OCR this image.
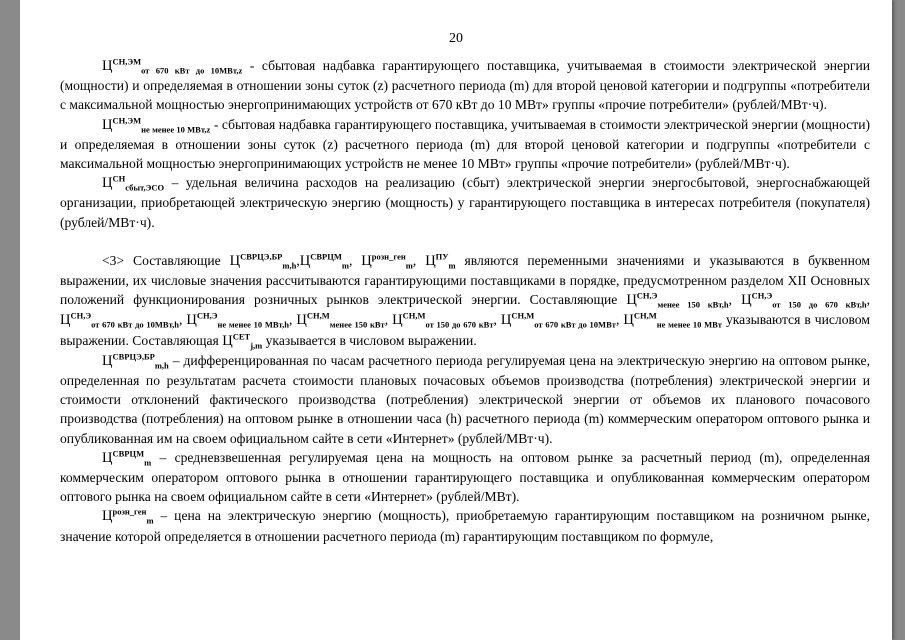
20

$Ц^{СН,ЭМ}_{от 670 кВт до 10МВт,z}$ - сбытовая надбавка гарантирующего поставщика, учитываемая в стоимости электрической энергии (мощности) и определяемая в отношении зоны суток (z) расчетного периода (m) для второй ценовой категории и подгруппы «потребители с максимальной мощностью энергопринимающих устройств от 670 кВт до 10 МВт» группы «прочие потребители» (рублей/МВт·ч).

$Ц^{СН,ЭМ}_{не менее 10 МВт,z}$ - сбытовая надбавка гарантирующего поставщика, учитываемая в стоимости электрической энергии (мощности) и определяемая в отношении зоны суток (z) расчетного периода (m) для второй ценовой категории и подгруппы «потребители с максимальной мощностью энергопринимающих устройств не менее 10 МВт» группы «прочие потребители» (рублей/МВт·ч).

$Ц^{СН}_{сбыт,ЭСО}$ – удельная величина расходов на реализацию (сбыт) электрической энергии энергосбытовой, энергоснабжающей организации, приобретающей электрическую энергию (мощность) у гарантирующего поставщика в интересах потребителя (покупателя) (рублей/МВт·ч).

<3> Составляющие $Ц^{СВРЦЭ,БР}_{m,h},Ц^{СВРЦМ}_m$, $Ц^{розн\_ген}_m$, $Ц^{ПУ}_m$ являются переменными значениями и указываются в буквенном выражении, их числовые значения рассчитываются гарантирующими поставщиками в порядке, предусмотренном разделом XII Основных положений функционирования розничных рынков электрической энергии. Составляющие $Ц^{СН,Э}_{менее 150 кВт,h}$, $Ц^{СН,Э}_{от 150 до 670 кВт,h}$, $Ц^{СН,Э}_{от 670 кВт до 10МВт,h}$, $Ц^{СН,Э}_{не менее 10 МВт,h}$, $Ц^{СН,М}_{менее 150 кВт}$, $Ц^{СН,М}_{от 150 до 670 кВт}$, $Ц^{СН,М}_{от 670 кВт до 10МВт}$, $Ц^{СН,М}_{не менее 10 МВт}$ указываются в числовом выражении. Составляющая $Ц^{СЕТ}_{j,m}$ указывается в числовом выражении.

$Ц^{СВРЦЭ,БР}_{m,h}$ – дифференцированная по часам расчетного периода регулируемая цена на электрическую энергию на оптовом рынке, определенная по результатам расчета стоимости плановых почасовых объемов производства (потребления) электрической энергии и стоимости отклонений фактического производства (потребления) электрической энергии от объемов их планового почасового производства (потребления) на оптовом рынке в отношении часа (h) расчетного периода (m) коммерческим оператором оптового рынка и опубликованная им на своем официальном сайте в сети «Интернет» (рублей/МВт·ч).

$Ц^{СВРЦМ}_m$ – средневзвешенная регулируемая цена на мощность на оптовом рынке за расчетный период (m), определенная коммерческим оператором оптового рынка в отношении гарантирующего поставщика и опубликованная коммерческим оператором оптового рынка на своем официальном сайте в сети «Интернет» (рублей/МВт).

$Ц^{розн\_ген}_m$ – цена на электрическую энергию (мощность), приобретаемую гарантирующим поставщиком на розничном рынке, значение которой определяется в отношении расчетного периода (m) гарантирующим поставщиком по формуле,
